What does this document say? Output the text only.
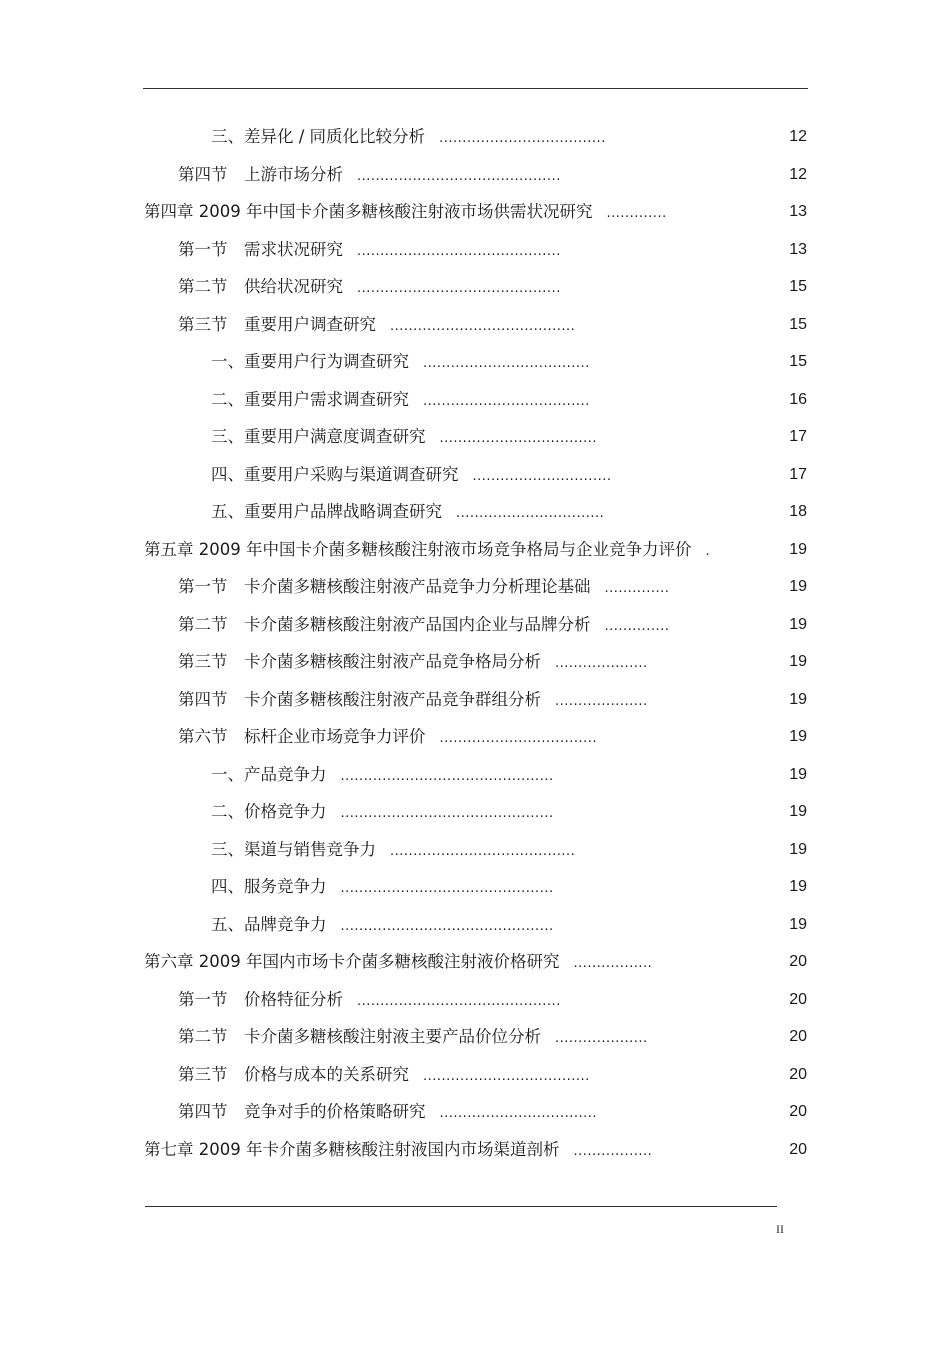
三、差异化 / 同质化比较分析 ....................................	12
第四节　上游市场分析 ............................................	12
第四章 2009 年中国卡介菌多糖核酸注射液市场供需状况研究 .............	13
第一节　需求状况研究 ............................................	13
第二节　供给状况研究 ............................................	15
第三节　重要用户调查研究 ........................................	15
一、重要用户行为调查研究 ....................................	15
二、重要用户需求调查研究 ....................................	16
三、重要用户满意度调查研究 ..................................	17
四、重要用户采购与渠道调查研究 ..............................	17
五、重要用户品牌战略调查研究 ................................	18
第五章 2009 年中国卡介菌多糖核酸注射液市场竞争格局与企业竞争力评价 .	19
第一节　卡介菌多糖核酸注射液产品竞争力分析理论基础 ..............	19
第二节　卡介菌多糖核酸注射液产品国内企业与品牌分析 ..............	19
第三节　卡介菌多糖核酸注射液产品竞争格局分析 ....................	19
第四节　卡介菌多糖核酸注射液产品竞争群组分析 ....................	19
第六节　标杆企业市场竞争力评价 ..................................	19
一、产品竞争力 ..............................................	19
二、价格竞争力 ..............................................	19
三、渠道与销售竞争力 ........................................	19
四、服务竞争力 ..............................................	19
五、品牌竞争力 ..............................................	19
第六章 2009 年国内市场卡介菌多糖核酸注射液价格研究 .................	20
第一节　价格特征分析 ............................................	20
第二节　卡介菌多糖核酸注射液主要产品价位分析 ....................	20
第三节　价格与成本的关系研究 ....................................	20
第四节　竞争对手的价格策略研究 ..................................	20
第七章 2009 年卡介菌多糖核酸注射液国内市场渠道剖析 .................	20
II
